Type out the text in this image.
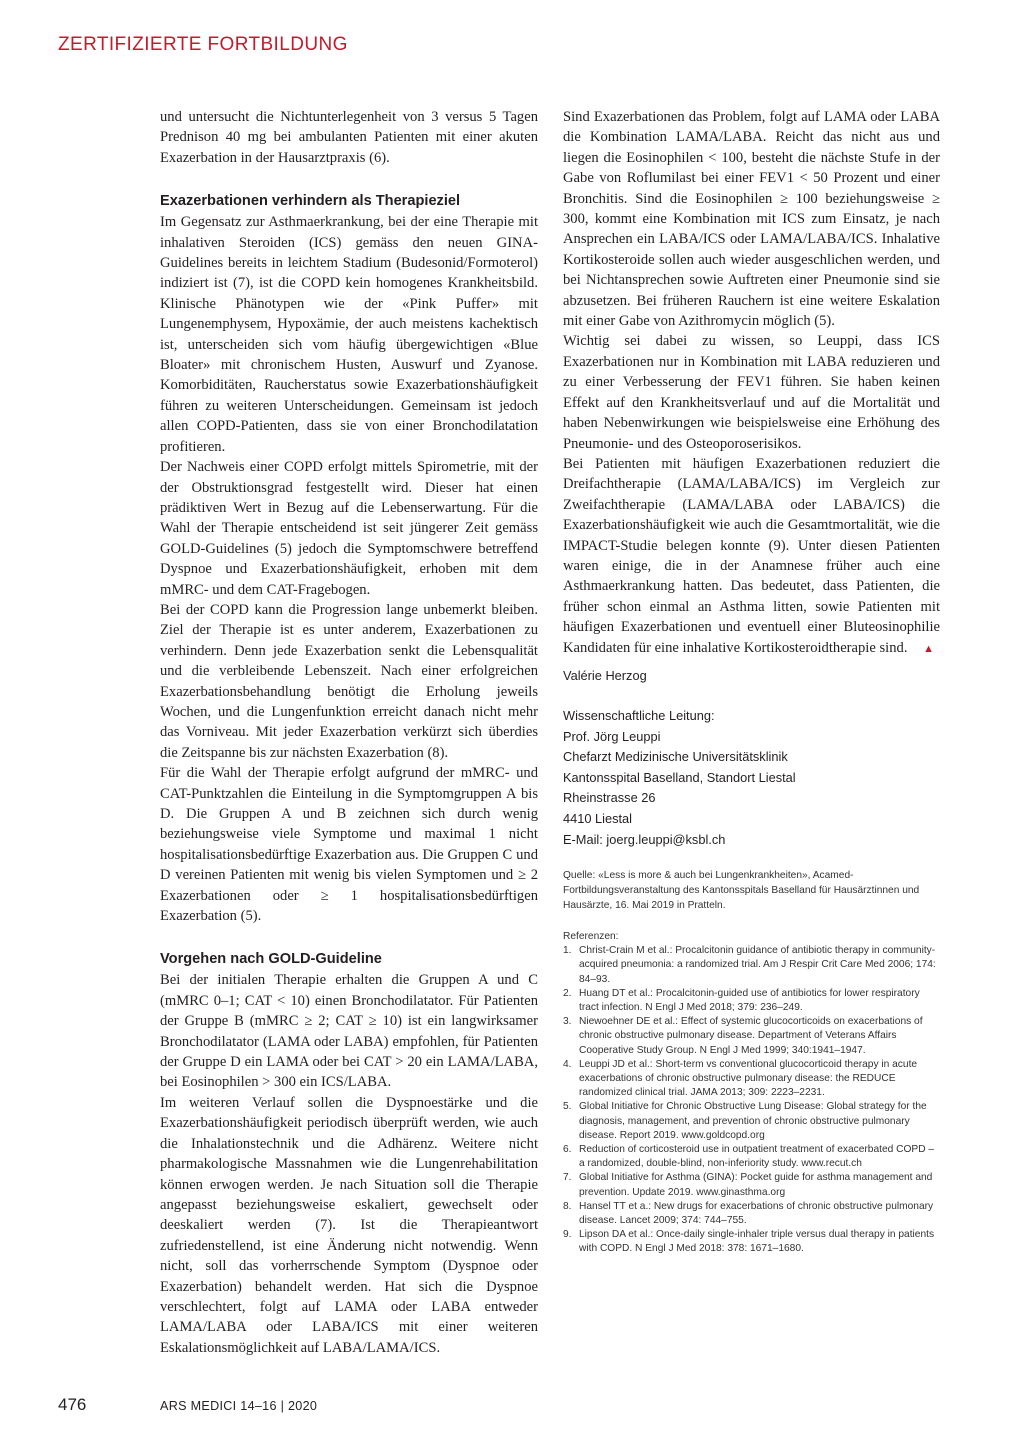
ZERTIFIZIERTE FORTBILDUNG

und untersucht die Nichtunterlegenheit von 3 versus 5 Tagen Prednison 40 mg bei ambulanten Patienten mit einer akuten Exazerbation in der Hausarztpraxis (6).

Exazerbationen verhindern als Therapieziel

Im Gegensatz zur Asthmaerkrankung, bei der eine Therapie mit inhalativen Steroiden (ICS) gemäss den neuen GINA-Guidelines bereits in leichtem Stadium (Budesonid/Formoterol) indiziert ist (7), ist die COPD kein homogenes Krankheitsbild. Klinische Phänotypen wie der «Pink Puffer» mit Lungenemphysem, Hypoxämie, der auch meistens kachektisch ist, unterscheiden sich vom häufig übergewichtigen «Blue Bloater» mit chronischem Husten, Auswurf und Zyanose. Komorbiditäten, Raucherstatus sowie Exazerbationshäufigkeit führen zu weiteren Unterscheidungen. Gemeinsam ist jedoch allen COPD-Patienten, dass sie von einer Bronchodilatation profitieren.

Der Nachweis einer COPD erfolgt mittels Spirometrie, mit der der Obstruktionsgrad festgestellt wird. Dieser hat einen prädiktiven Wert in Bezug auf die Lebenserwartung. Für die Wahl der Therapie entscheidend ist seit jüngerer Zeit gemäss GOLD-Guidelines (5) jedoch die Symptomschwere betreffend Dyspnoe und Exazerbationshäufigkeit, erhoben mit dem mMRC- und dem CAT-Fragebogen.

Bei der COPD kann die Progression lange unbemerkt bleiben. Ziel der Therapie ist es unter anderem, Exazerbationen zu verhindern. Denn jede Exazerbation senkt die Lebensqualität und die verbleibende Lebenszeit. Nach einer erfolgreichen Exazerbationsbehandlung benötigt die Erholung jeweils Wochen, und die Lungenfunktion erreicht danach nicht mehr das Vorniveau. Mit jeder Exazerbation verkürzt sich überdies die Zeitspanne bis zur nächsten Exazerbation (8).

Für die Wahl der Therapie erfolgt aufgrund der mMRC- und CAT-Punktzahlen die Einteilung in die Symptomgruppen A bis D. Die Gruppen A und B zeichnen sich durch wenig beziehungsweise viele Symptome und maximal 1 nicht hospitalisationsbedürftige Exazerbation aus. Die Gruppen C und D vereinen Patienten mit wenig bis vielen Symptomen und ≥ 2 Exazerbationen oder ≥ 1 hospitalisationsbedürftigen Exazerbation (5).

Vorgehen nach GOLD-Guideline

Bei der initialen Therapie erhalten die Gruppen A und C (mMRC 0–1; CAT < 10) einen Bronchodilatator. Für Patienten der Gruppe B (mMRC ≥ 2; CAT ≥ 10) ist ein langwirksamer Bronchodilatator (LAMA oder LABA) empfohlen, für Patienten der Gruppe D ein LAMA oder bei CAT > 20 ein LAMA/LABA, bei Eosinophilen > 300 ein ICS/LABA.

Im weiteren Verlauf sollen die Dyspnoestärke und die Exazerbationshäufigkeit periodisch überprüft werden, wie auch die Inhalationstechnik und die Adhärenz. Weitere nicht pharmakologische Massnahmen wie die Lungenrehabilitation können erwogen werden. Je nach Situation soll die Therapie angepasst beziehungsweise eskaliert, gewechselt oder deeskaliert werden (7). Ist die Therapieantwort zufriedenstellend, ist eine Änderung nicht notwendig. Wenn nicht, soll das vorherrschende Symptom (Dyspnoe oder Exazerbation) behandelt werden. Hat sich die Dyspnoe verschlechtert, folgt auf LAMA oder LABA entweder LAMA/LABA oder LABA/ICS mit einer weiteren Eskalationsmöglichkeit auf LABA/LAMA/ICS.

Sind Exazerbationen das Problem, folgt auf LAMA oder LABA die Kombination LAMA/LABA. Reicht das nicht aus und liegen die Eosinophilen < 100, besteht die nächste Stufe in der Gabe von Roflumilast bei einer FEV1 < 50 Prozent und einer Bronchitis. Sind die Eosinophilen ≥ 100 beziehungsweise ≥ 300, kommt eine Kombination mit ICS zum Einsatz, je nach Ansprechen ein LABA/ICS oder LAMA/LABA/ICS. Inhalative Kortikosteroide sollen auch wieder ausgeschlichen werden, und bei Nichtansprechen sowie Auftreten einer Pneumonie sind sie abzusetzen. Bei früheren Rauchern ist eine weitere Eskalation mit einer Gabe von Azithromycin möglich (5).

Wichtig sei dabei zu wissen, so Leuppi, dass ICS Exazerbationen nur in Kombination mit LABA reduzieren und zu einer Verbesserung der FEV1 führen. Sie haben keinen Effekt auf den Krankheitsverlauf und auf die Mortalität und haben Nebenwirkungen wie beispielsweise eine Erhöhung des Pneumonie- und des Osteoporoserisikos.

Bei Patienten mit häufigen Exazerbationen reduziert die Dreifachtherapie (LAMA/LABA/ICS) im Vergleich zur Zweifachtherapie (LAMA/LABA oder LABA/ICS) die Exazerbationshäufigkeit wie auch die Gesamtmortalität, wie die IMPACT-Studie belegen konnte (9). Unter diesen Patienten waren einige, die in der Anamnese früher auch eine Asthmaerkrankung hatten. Das bedeutet, dass Patienten, die früher schon einmal an Asthma litten, sowie Patienten mit häufigen Exazerbationen und eventuell einer Bluteosinophilie Kandidaten für eine inhalative Kortikosteroidtherapie sind. ▲

Valérie Herzog
Wissenschaftliche Leitung:
Prof. Jörg Leuppi
Chefarzt Medizinische Universitätsklinik
Kantonsspital Baselland, Standort Liestal
Rheinstrasse 26
4410 Liestal
E-Mail: joerg.leuppi@ksbl.ch
Quelle: «Less is more & auch bei Lungenkrankheiten», Acamed-Fortbildungsveranstaltung des Kantonsspitals Baselland für Hausärztinnen und Hausärzte, 16. Mai 2019 in Pratteln.
Referenzen:
1. Christ-Crain M et al.: Procalcitonin guidance of antibiotic therapy in community-acquired pneumonia: a randomized trial. Am J Respir Crit Care Med 2006; 174: 84–93.
2. Huang DT et al.: Procalcitonin-guided use of antibiotics for lower respiratory tract infection. N Engl J Med 2018; 379: 236–249.
3. Niewoehner DE et al.: Effect of systemic glucocorticoids on exacerbations of chronic obstructive pulmonary disease. Department of Veterans Affairs Cooperative Study Group. N Engl J Med 1999; 340:1941–1947.
4. Leuppi JD et al.: Short-term vs conventional glucocorticoid therapy in acute exacerbations of chronic obstructive pulmonary disease: the REDUCE randomized clinical trial. JAMA 2013; 309: 2223–2231.
5. Global Initiative for Chronic Obstructive Lung Disease: Global strategy for the diagnosis, management, and prevention of chronic obstructive pulmonary disease. Report 2019. www.goldcopd.org
6. Reduction of corticosteroid use in outpatient treatment of exacerbated COPD – a randomized, double-blind, non-inferiority study. www.recut.ch
7. Global Initiative for Asthma (GINA): Pocket guide for asthma management and prevention. Update 2019. www.ginasthma.org
8. Hansel TT et a.: New drugs for exacerbations of chronic obstructive pulmonary disease. Lancet 2009; 374: 744–755.
9. Lipson DA et al.: Once-daily single-inhaler triple versus dual therapy in patients with COPD. N Engl J Med 2018: 378: 1671–1680.
476	ARS MEDICI 14–16 | 2020
